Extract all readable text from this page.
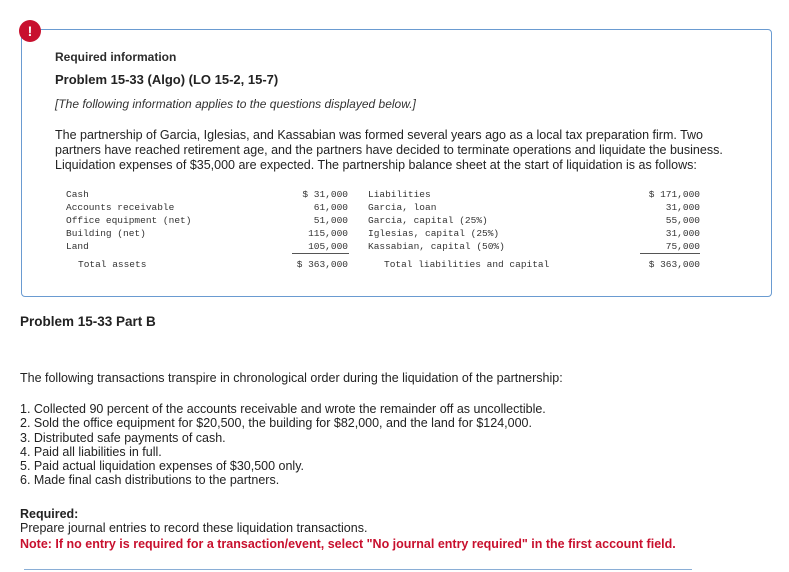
Required information
Problem 15-33 (Algo) (LO 15-2, 15-7)
[The following information applies to the questions displayed below.]
The partnership of Garcia, Iglesias, and Kassabian was formed several years ago as a local tax preparation firm. Two partners have reached retirement age, and the partners have decided to terminate operations and liquidate the business. Liquidation expenses of $35,000 are expected. The partnership balance sheet at the start of liquidation is as follows:
Cash	$ 31,000
Accounts receivable	61,000
Office equipment (net)	51,000
Building (net)	115,000
Land	105,000
Total assets	$ 363,000
Liabilities	$ 171,000
Garcia, loan	31,000
Garcia, capital (25%)	55,000
Iglesias, capital (25%)	31,000
Kassabian, capital (50%)	75,000
Total liabilities and capital	$ 363,000
!
Problem 15-33 Part B
The following transactions transpire in chronological order during the liquidation of the partnership:
1. Collected 90 percent of the accounts receivable and wrote the remainder off as uncollectible.
2. Sold the office equipment for $20,500, the building for $82,000, and the land for $124,000.
3. Distributed safe payments of cash.
4. Paid all liabilities in full.
5. Paid actual liquidation expenses of $30,500 only.
6. Made final cash distributions to the partners.
Required:
Prepare journal entries to record these liquidation transactions.
Note: If no entry is required for a transaction/event, select "No journal entry required" in the first account field.
